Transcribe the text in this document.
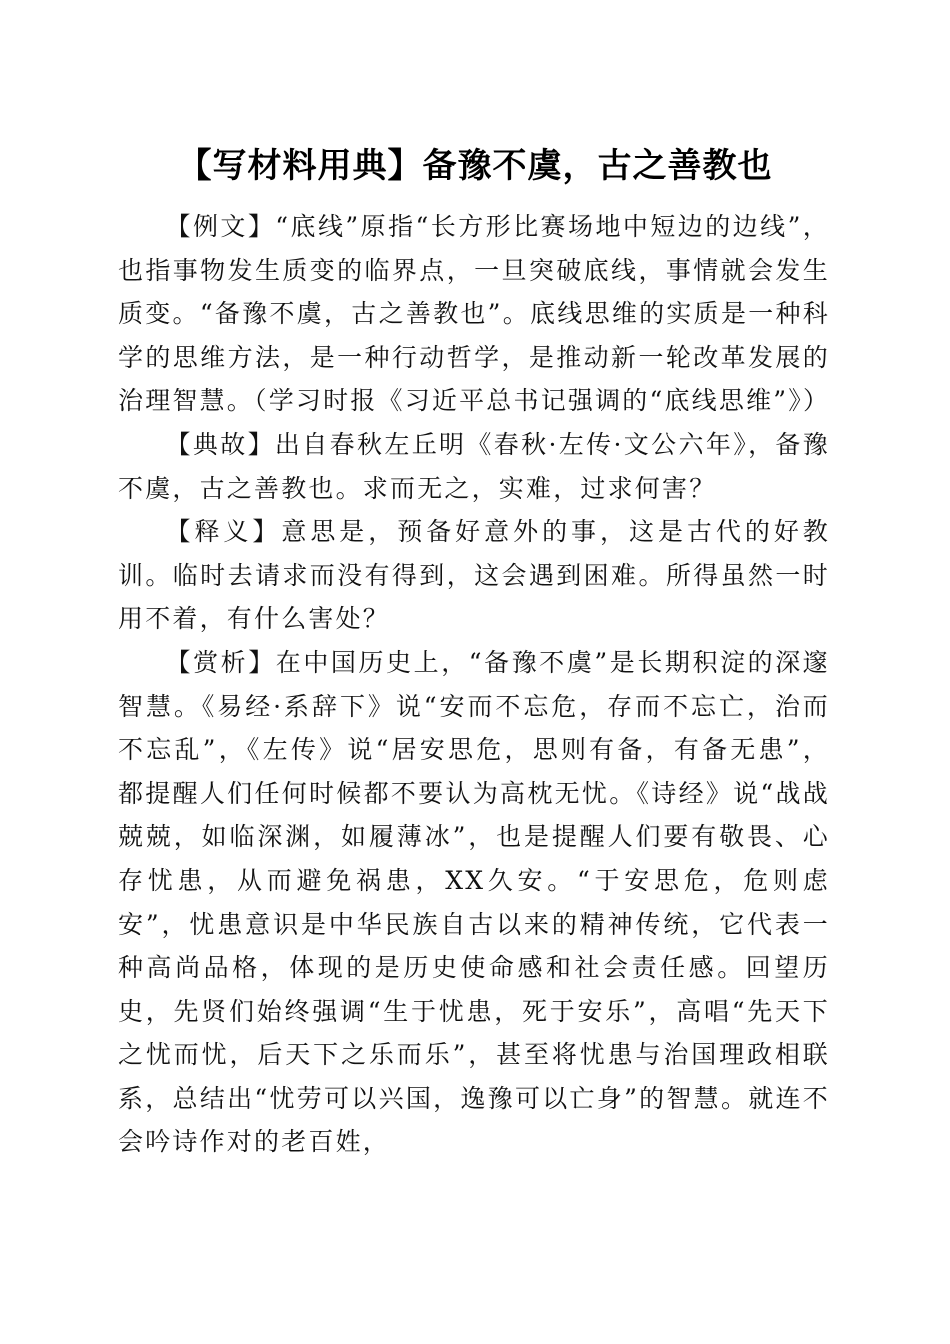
【写材料用典】备豫不虞，古之善教也

【例文】“底线”原指“长方形比赛场地中短边的边线”，也指事物发生质变的临界点，一旦突破底线，事情就会发生质变。“备豫不虞，古之善教也”。底线思维的实质是一种科学的思维方法，是一种行动哲学，是推动新一轮改革发展的治理智慧。（学习时报《习近平总书记强调的“底线思维”》）

【典故】出自春秋左丘明《春秋·左传·文公六年》，备豫不虞，古之善教也。求而无之，实难，过求何害？

【释义】意思是，预备好意外的事，这是古代的好教训。临时去请求而没有得到，这会遇到困难。所得虽然一时用不着，有什么害处？

【赏析】在中国历史上，“备豫不虞”是长期积淀的深邃智慧。《易经·系辞下》说“安而不忘危，存而不忘亡，治而不忘乱”，《左传》说“居安思危，思则有备，有备无患”，都提醒人们任何时候都不要认为高枕无忧。《诗经》说“战战兢兢，如临深渊，如履薄冰”，也是提醒人们要有敬畏、心存忧患，从而避免祸患，XX久安。“于安思危，危则虑安”，忧患意识是中华民族自古以来的精神传统，它代表一种高尚品格，体现的是历史使命感和社会责任感。回望历史，先贤们始终强调“生于忧患，死于安乐”，高唱“先天下之忧而忧，后天下之乐而乐”，甚至将忧患与治国理政相联系，总结出“忧劳可以兴国，逸豫可以亡身”的智慧。就连不会吟诗作对的老百姓，
